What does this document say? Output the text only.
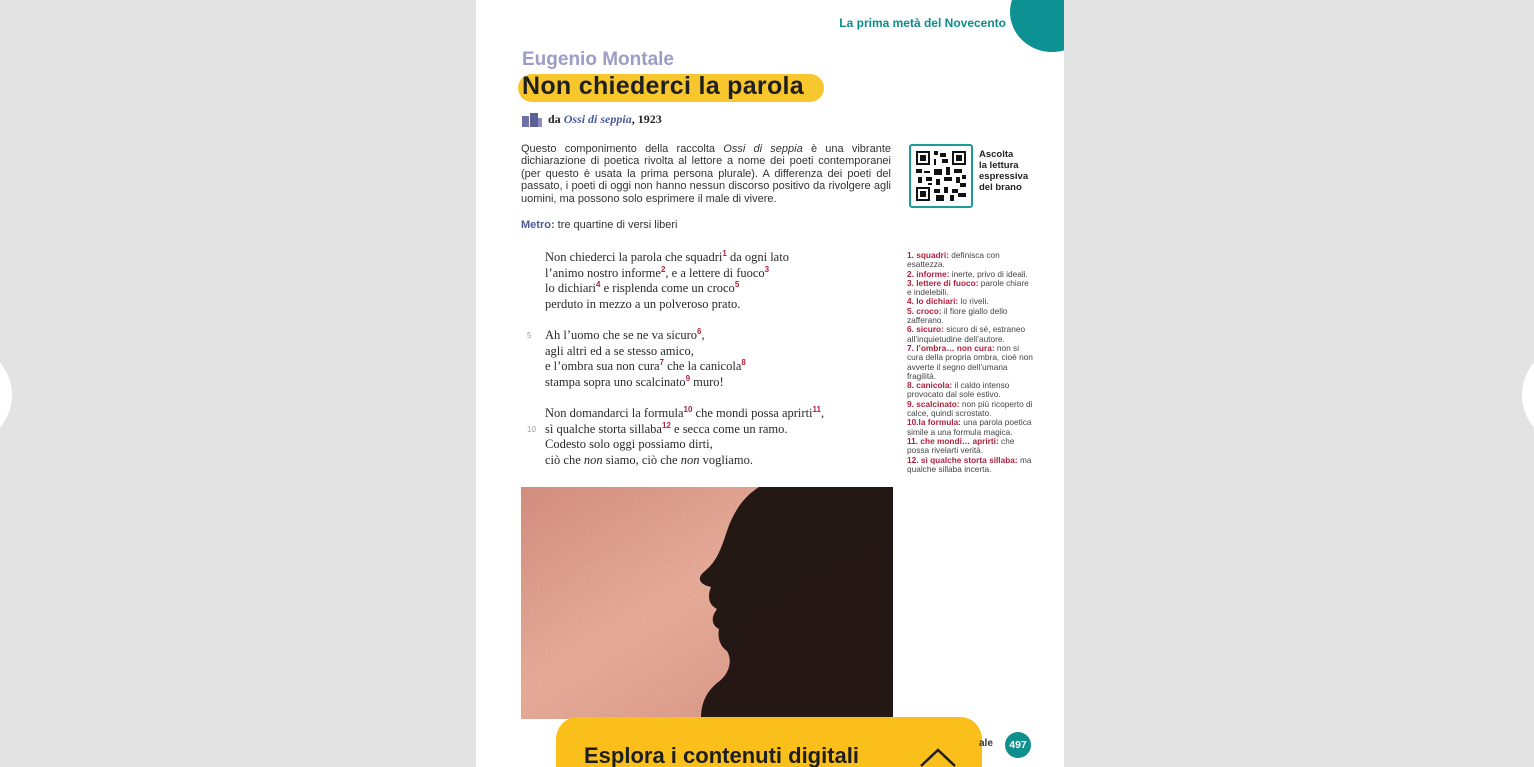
La prima metà del Novecento
Eugenio Montale
Non chiederci la parola
da Ossi di seppia, 1923
Questo componimento della raccolta Ossi di seppia è una vibrante dichiarazione di poetica rivolta al lettore a nome dei poeti contemporanei (per questo è usata la prima persona plurale). A differenza dei poeti del passato, i poeti di oggi non hanno nessun discorso positivo da rivolgere agli uomini, ma possono solo esprimere il male di vivere.
Ascolta
la lettura
espressiva
del brano
Metro: tre quartine di versi liberi
Non chiederci la parola che squadri$^1$ da ogni lato
l’animo nostro informe$^2$, e a lettere di fuoco$^3$
lo dichiari$^4$ e risplenda come un croco$^5$
perduto in mezzo a un polveroso prato.
5 Ah l’uomo che se ne va sicuro$^6$,
agli altri ed a se stesso amico,
e l’ombra sua non cura$^7$ che la canicola$^8$
stampa sopra uno scalcinato$^9$ muro!
Non domandarci la formula$^{10}$ che mondi possa aprirti$^{11}$,
10 sì qualche storta sillaba$^{12}$ e secca come un ramo.
Codesto solo oggi possiamo dirti,
ciò che non siamo, ciò che non vogliamo.

1. squadri: definisca con esattezza.

2. informe: inerte, privo di ideali.

3. lettere di fuoco: parole chiare e indelebili.

4. lo dichiari: lo riveli.

5. croco: il fiore giallo dello zafferano.

6. sicuro: sicuro di sé, estraneo all’inquietudine dell’autore.

7. l’ombra… non cura: non si cura della propria ombra, cioè non avverte il segno dell’umana fragilità.

8. canicola: il caldo intenso provocato dal sole estivo.

9. scalcinato: non più ricoperto di calce, quindi scrostato.

10.la formula: una parola poetica simile a una formula magica.

11. che mondi… aprirti: che possa rivelarti verità.

12. sì qualche storta sillaba: ma qualche sillaba incerta.

Esplora i contenuti digitali	ale	497
